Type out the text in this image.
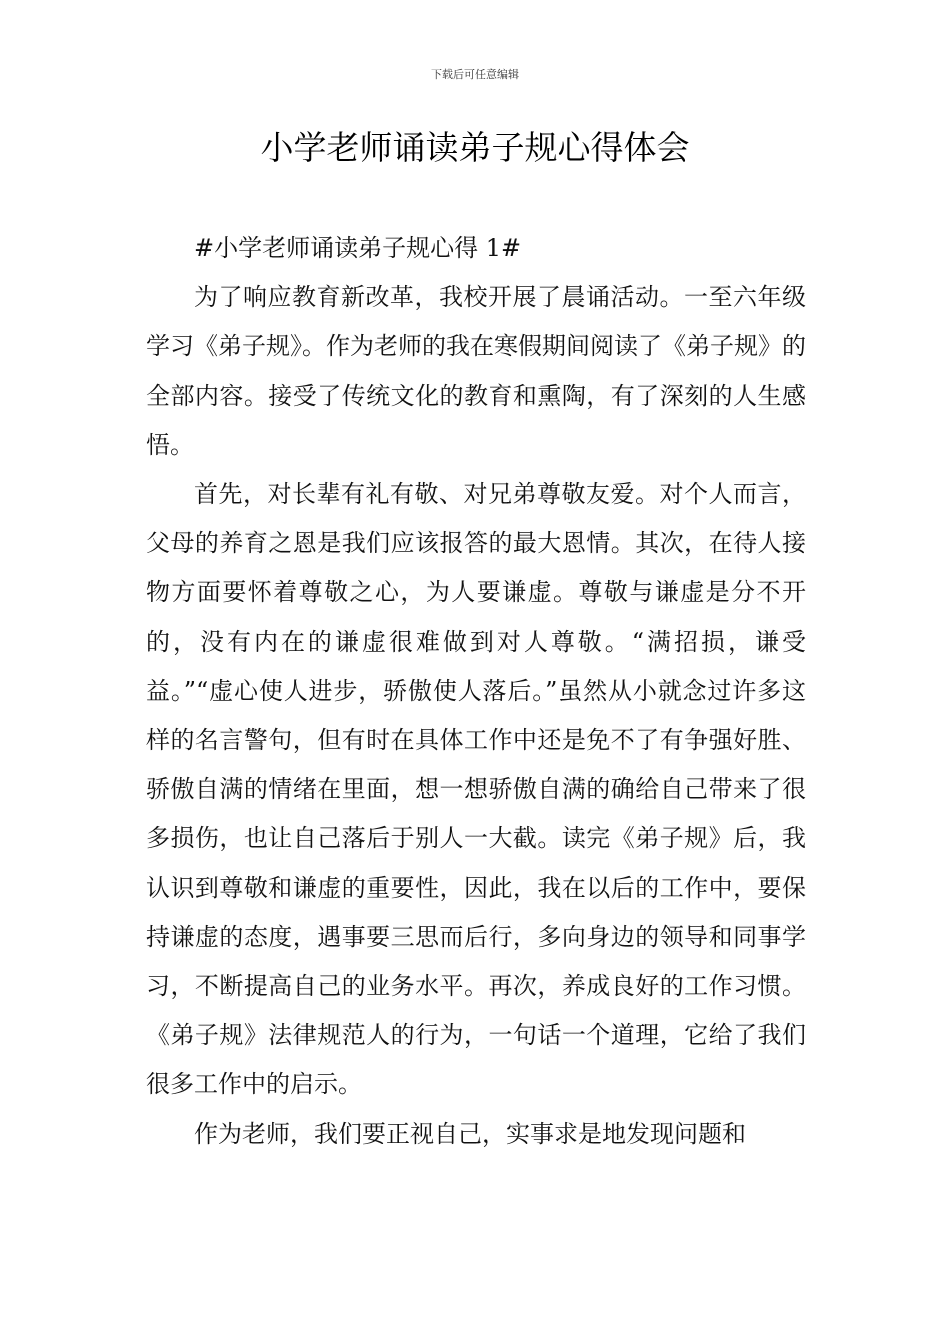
下载后可任意编辑
小学老师诵读弟子规心得体会

#小学老师诵读弟子规心得 1#

为了响应教育新改革，我校开展了晨诵活动。一至六年级学习《弟子规》。作为老师的我在寒假期间阅读了《弟子规》的全部内容。接受了传统文化的教育和熏陶，有了深刻的人生感悟。

首先，对长辈有礼有敬、对兄弟尊敬友爱。对个人而言，父母的养育之恩是我们应该报答的最大恩情。其次，在待人接物方面要怀着尊敬之心，为人要谦虚。尊敬与谦虚是分不开的，没有内在的谦虚很难做到对人尊敬。“满招损，谦受益。”“虚心使人进步，骄傲使人落后。”虽然从小就念过许多这样的名言警句，但有时在具体工作中还是免不了有争强好胜、骄傲自满的情绪在里面，想一想骄傲自满的确给自己带来了很多损伤，也让自己落后于别人一大截。读完《弟子规》后，我认识到尊敬和谦虚的重要性，因此，我在以后的工作中，要保持谦虚的态度，遇事要三思而后行，多向身边的领导和同事学习，不断提高自己的业务水平。再次，养成良好的工作习惯。《弟子规》法律规范人的行为，一句话一个道理，它给了我们很多工作中的启示。

作为老师，我们要正视自己，实事求是地发现问题和
